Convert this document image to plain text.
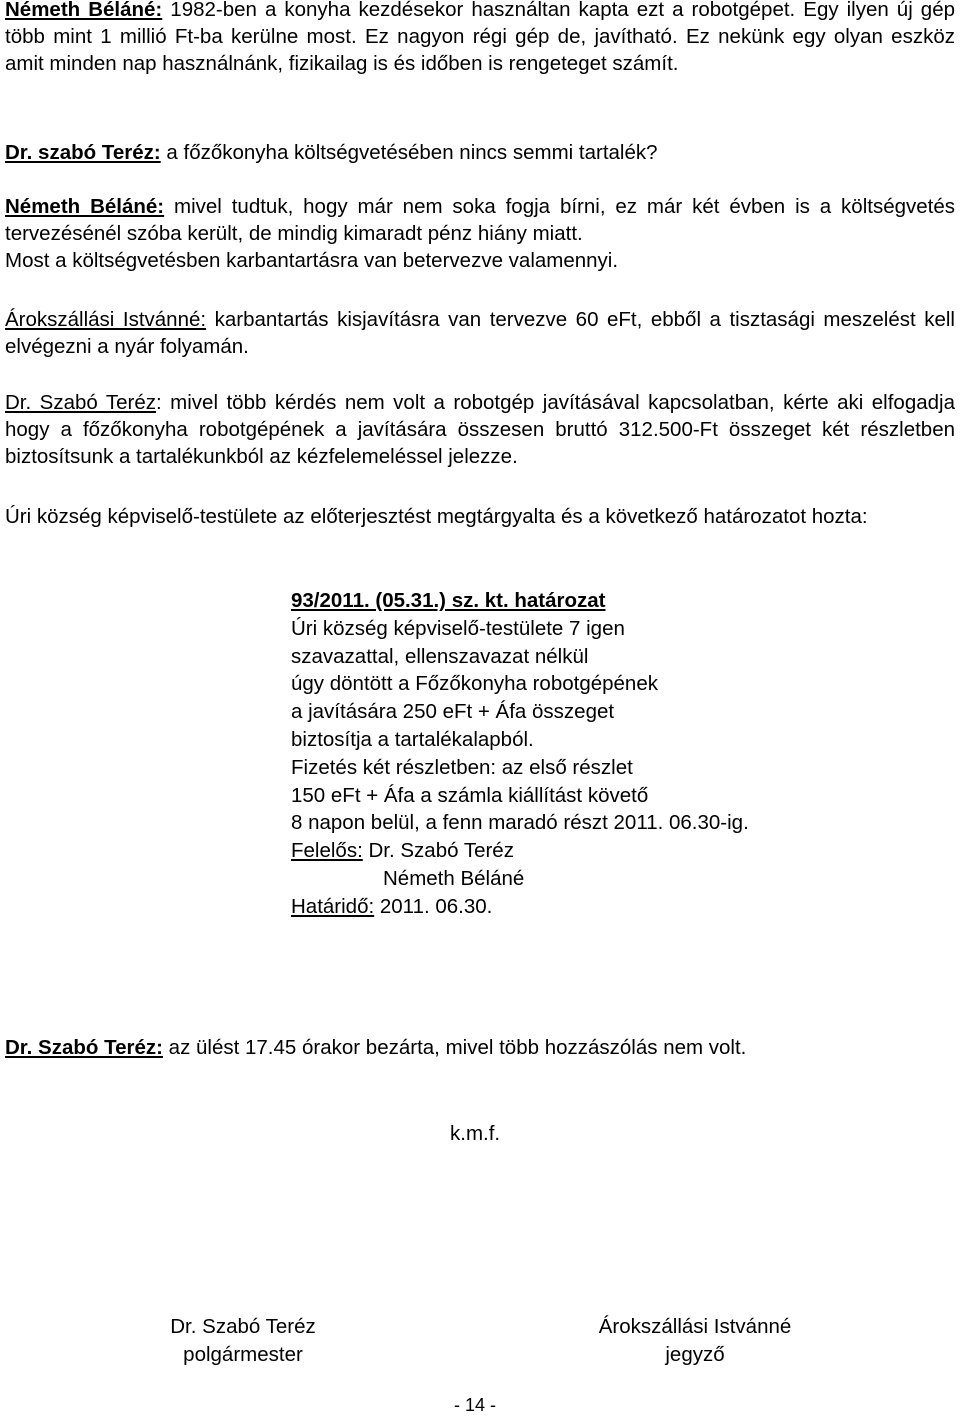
Németh Béláné: 1982-ben a konyha kezdésekor használtan kapta ezt a robotgépet. Egy ilyen új gép több mint 1 millió Ft-ba kerülne most. Ez nagyon régi gép de, javítható. Ez nekünk egy olyan eszköz amit minden nap használnánk, fizikailag is és időben is rengeteget számít.

Dr. szabó Teréz: a főzőkonyha költségvetésében nincs semmi tartalék?

Németh Béláné: mivel tudtuk, hogy már nem soka fogja bírni, ez már két évben is a költségvetés tervezésénél szóba került, de mindig kimaradt pénz hiány miatt.

Most a költségvetésben karbantartásra van betervezve valamennyi.

Árokszállási Istvánné: karbantartás kisjavításra van tervezve 60 eFt, ebből a tisztasági meszelést kell elvégezni a nyár folyamán.

Dr. Szabó Teréz: mivel több kérdés nem volt a robotgép javításával kapcsolatban, kérte aki elfogadja hogy a főzőkonyha robotgépének a javítására összesen bruttó 312.500-Ft összeget két részletben biztosítsunk a tartalékunkból az kézfelemeléssel jelezze.

Úri község képviselő-testülete az előterjesztést megtárgyalta és a következő határozatot hozta:

93/2011. (05.31.) sz. kt. határozat
Úri község képviselő-testülete 7 igen
szavazattal, ellenszavazat nélkül
úgy döntött a Főzőkonyha robotgépének
a javítására 250 eFt + Áfa összeget
biztosítja a tartalékalapból.
Fizetés két részletben: az első részlet
150 eFt + Áfa a számla kiállítást követő
8 napon belül, a fenn maradó részt 2011. 06.30-ig.
Felelős: Dr. Szabó Teréz
Németh Béláné
Határidő: 2011. 06.30.

Dr. Szabó Teréz: az ülést 17.45 órakor bezárta, mivel több hozzászólás nem volt.

k.m.f.
Dr. Szabó Teréz
polgármester
Árokszállási Istvánné
jegyző
- 14 -
